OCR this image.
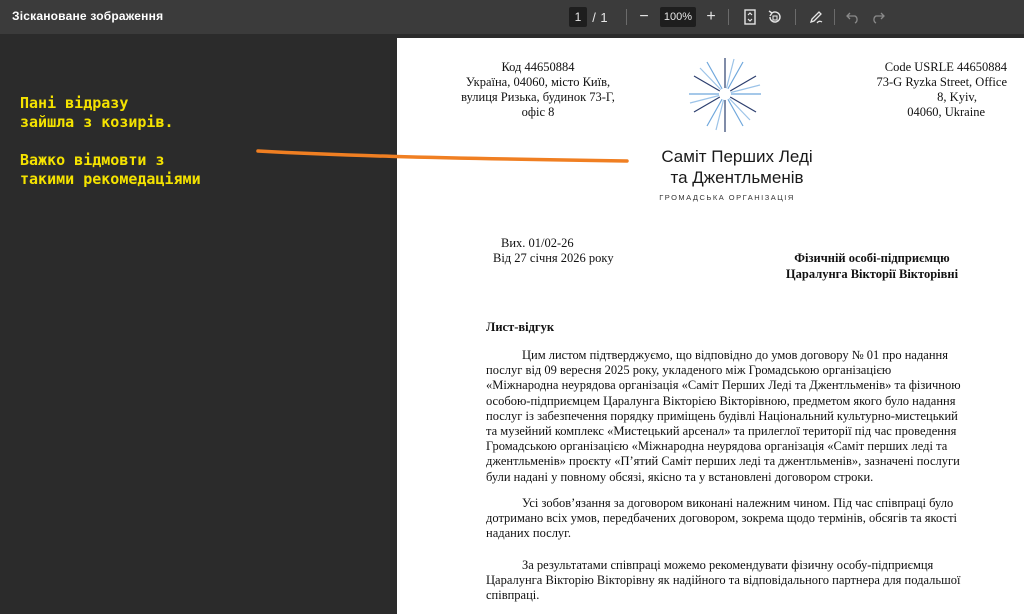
Зіскановане зображення	1 / 1 −	100% +
Пані відразу
зайшла з козирів.

Важко відмовти з
такими рекомедаціями
Код 44650884
Україна, 04060, місто Київ,
вулиця Ризька, будинок 73-Г,
офіс 8
Саміт Перших Леді
та Джентльменів
ГРОМАДСЬКА ОРГАНІЗАЦІЯ
Code USRLE 44650884
73-G Ryzka Street, Office
8, Kyiv,
04060, Ukraine
Вих. 01/02-26
Від 27 січня 2026 року	Фізичній особі-підприємцю
Царалунга Вікторії Вікторівні
Лист-відгук
Цим листом підтверджуємо, що відповідно до умов договору № 01 про надання
послуг від 09 вересня 2025 року, укладеного між Громадською організацією
«Міжнародна неурядова організація «Саміт Перших Леді та Джентльменів» та фізичною
особою-підприємцем Царалунга Вікторією Вікторівною, предметом якого було надання
послуг із забезпечення порядку приміщень будівлі Національний культурно-мистецький
та музейний комплекс «Мистецький арсенал» та прилеглої території під час проведення
Громадською організацією «Міжнародна неурядова організація «Саміт перших леді та
джентльменів» проєкту «П’ятий Саміт перших леді та джентльменів», зазначені послуги
були надані у повному обсязі, якісно та у встановлені договором строки.
Усі зобов’язання за договором виконані належним чином. Під час співпраці було
дотримано всіх умов, передбачених договором, зокрема щодо термінів, обсягів та якості
наданих послуг.
За результатами співпраці можемо рекомендувати фізичну особу-підприємця
Царалунга Вікторію Вікторівну як надійного та відповідального партнера для подальшої
співпраці.
